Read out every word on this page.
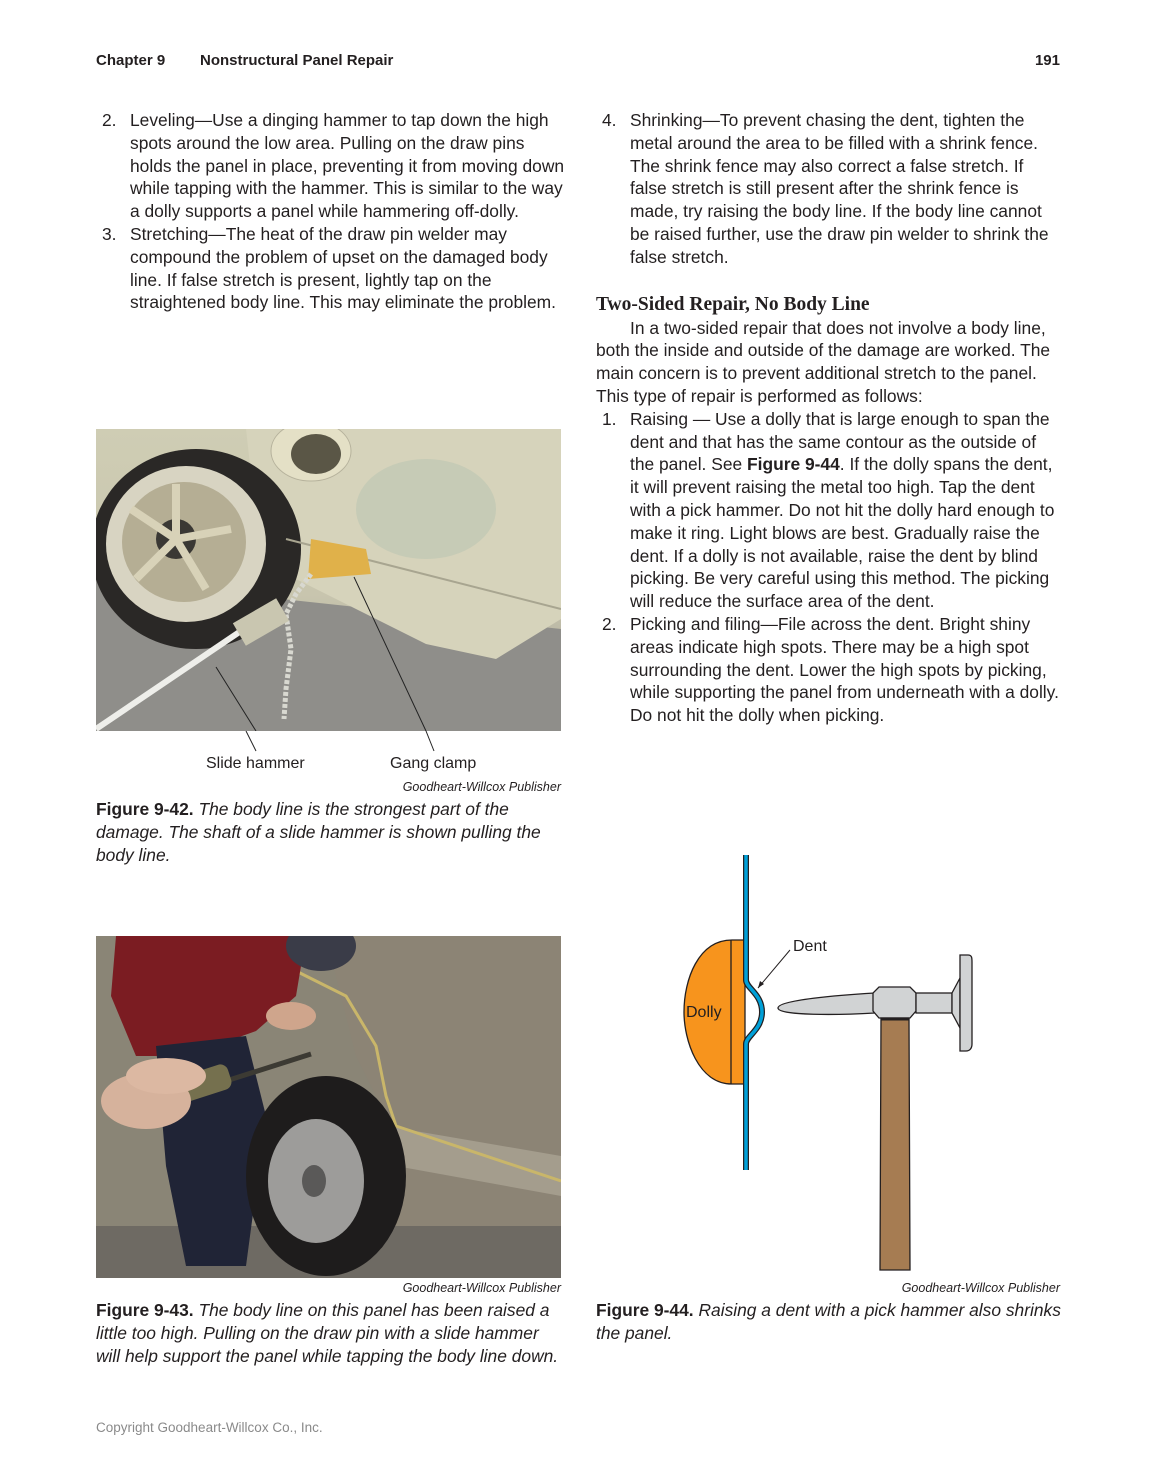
Chapter 9 Nonstructural Panel Repair	191
2. Leveling—Use a dinging hammer to tap down the high spots around the low area. Pulling on the draw pins holds the panel in place, preventing it from moving down while tapping with the hammer. This is similar to the way a dolly supports a panel while hammering off-dolly.
3. Stretching—The heat of the draw pin welder may compound the problem of upset on the damaged body line. If false stretch is present, lightly tap on the straightened body line. This may eliminate the problem.
4. Shrinking—To prevent chasing the dent, tighten the metal around the area to be filled with a shrink fence. The shrink fence may also correct a false stretch. If false stretch is still present after the shrink fence is made, try raising the body line. If the body line cannot be raised further, use the draw pin welder to shrink the false stretch.
Two-Sided Repair, No Body Line
In a two-sided repair that does not involve a body line, both the inside and outside of the damage are worked. The main concern is to prevent additional stretch to the panel. This type of repair is performed as follows:
1. Raising — Use a dolly that is large enough to span the dent and that has the same contour as the outside of the panel. See Figure 9-44. If the dolly spans the dent, it will prevent raising the metal too high. Tap the dent with a pick hammer. Do not hit the dolly hard enough to make it ring. Light blows are best. Gradually raise the dent. If a dolly is not available, raise the dent by blind picking. Be very careful using this method. The picking will reduce the surface area of the dent.
2. Picking and filing—File across the dent. Bright shiny areas indicate high spots. There may be a high spot surrounding the dent. Lower the high spots by picking, while supporting the panel from underneath with a dolly. Do not hit the dolly when picking.
Slide hammer	Gang clamp
Goodheart-Willcox Publisher
Figure 9-42. The body line is the strongest part of the damage. The shaft of a slide hammer is shown pulling the body line.
Goodheart-Willcox Publisher
Figure 9-43. The body line on this panel has been raised a little too high. Pulling on the draw pin with a slide hammer will help support the panel while tapping the body line down.
Dent
Dolly
Goodheart-Willcox Publisher
Figure 9-44. Raising a dent with a pick hammer also shrinks the panel.
Copyright Goodheart-Willcox Co., Inc.
